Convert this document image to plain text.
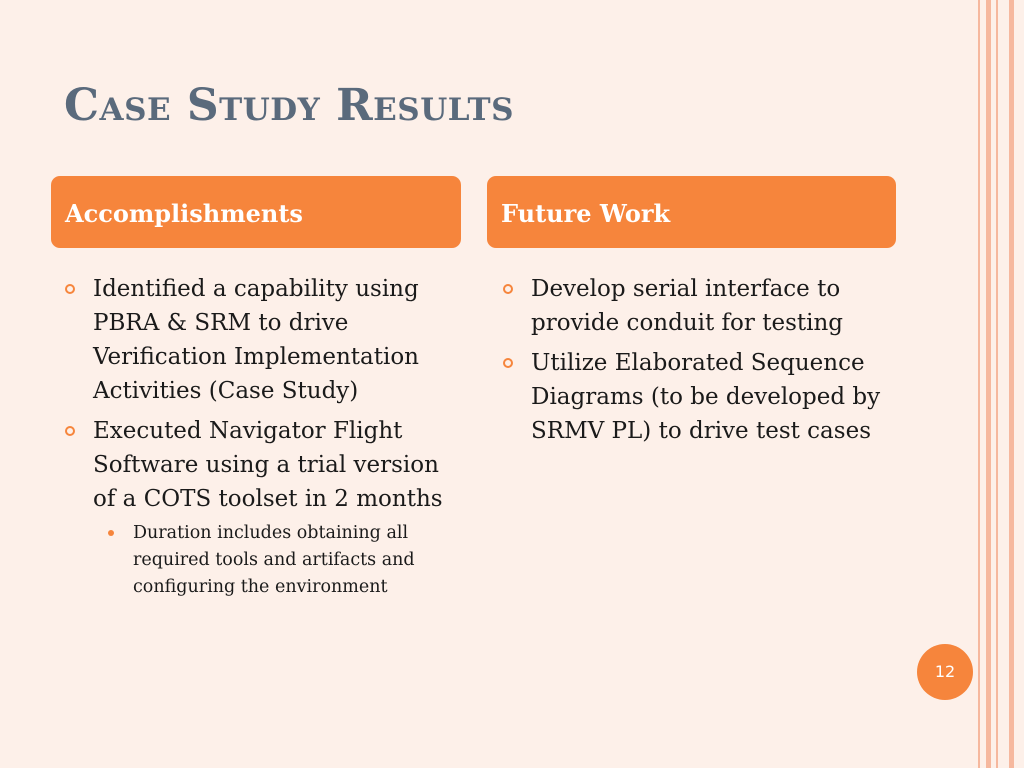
Case Study Results
Accomplishments	Future Work
Identified a capability using PBRA & SRM to drive Verification Implementation Activities (Case Study)
Executed Navigator Flight Software using a trial version of a COTS toolset in 2 months
Duration includes obtaining all required tools and artifacts and configuring the environment
Develop serial interface to provide conduit for testing
Utilize Elaborated Sequence Diagrams (to be developed by SRMV PL) to drive test cases
12
